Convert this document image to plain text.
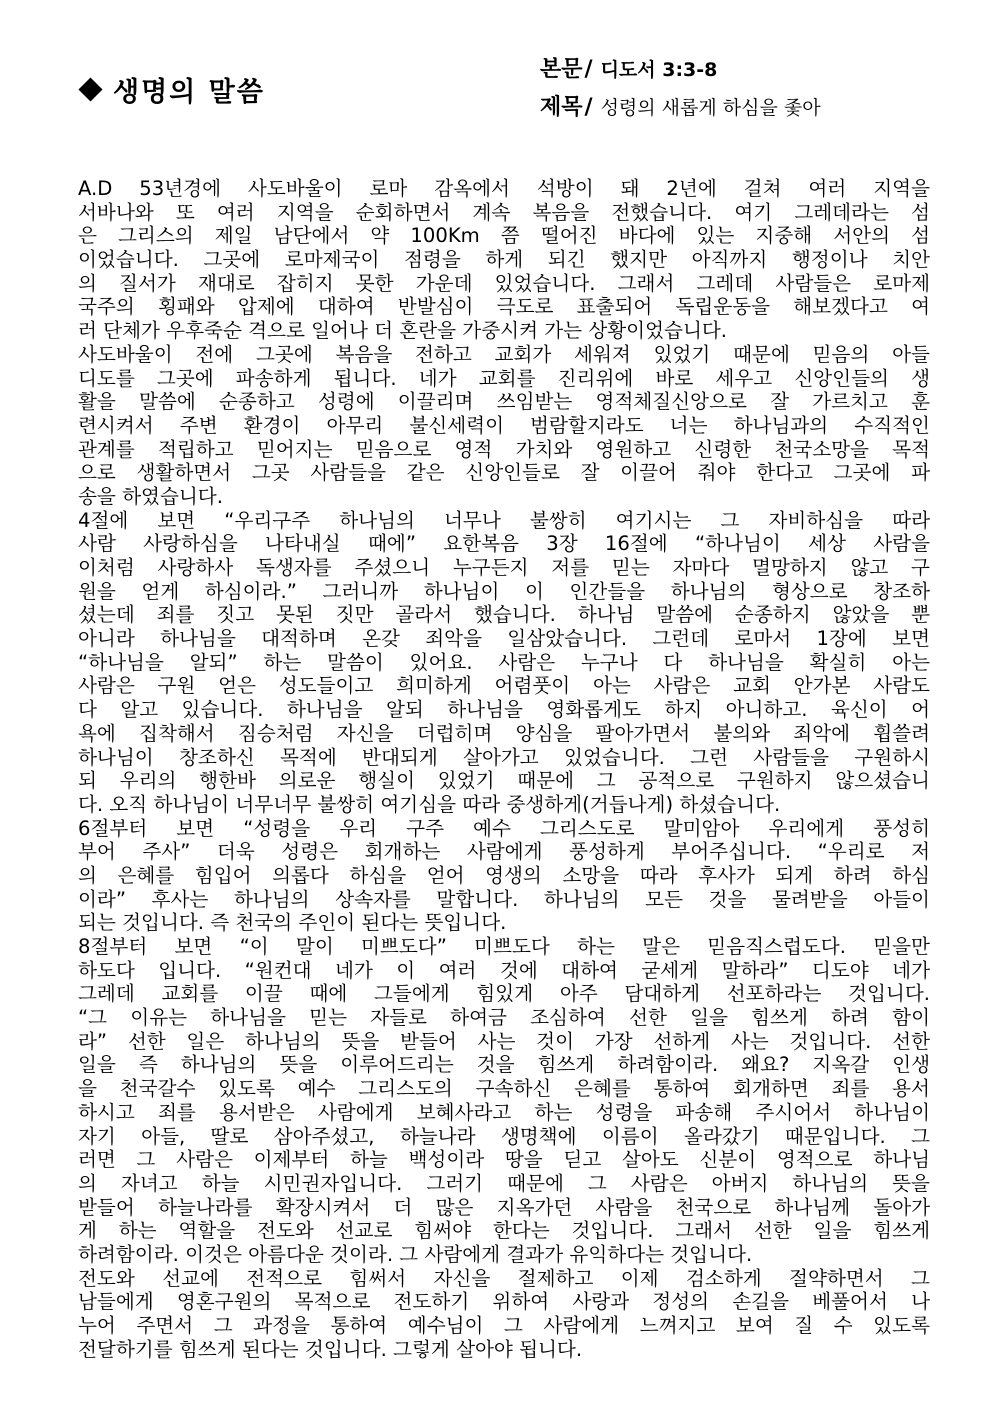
생명의 말씀
본문 / 디도서 3:3-8
제목 / 성령의 새롭게 하심을 좇아
A.D 53년경에 사도바울이 로마 감옥에서 석방이 돼 2년에 걸쳐 여러 지역을
서바나와 또 여러 지역을 순회하면서 계속 복음을 전했습니다. 여기 그레데라는 섬
은 그리스의 제일 남단에서 약 100Km 쯤 떨어진 바다에 있는 지중해 서안의 섬
이었습니다. 그곳에 로마제국이 점령을 하게 되긴 했지만 아직까지 행정이나 치안
의 질서가 재대로 잡히지 못한 가운데 있었습니다. 그래서 그레데 사람들은 로마제
국주의 횡패와 압제에 대하여 반발심이 극도로 표출되어 독립운동을 해보겠다고 여
러 단체가 우후죽순 격으로 일어나 더 혼란을 가중시켜 가는 상황이었습니다.
사도바울이 전에 그곳에 복음을 전하고 교회가 세워져 있었기 때문에 믿음의 아들
디도를 그곳에 파송하게 됩니다. 네가 교회를 진리위에 바로 세우고 신앙인들의 생
활을 말씀에 순종하고 성령에 이끌리며 쓰임받는 영적체질신앙으로 잘 가르치고 훈
련시켜서 주변 환경이 아무리 불신세력이 범람할지라도 너는 하나님과의 수직적인
관계를 적립하고 믿어지는 믿음으로 영적 가치와 영원하고 신령한 천국소망을 목적
으로 생활하면서 그곳 사람들을 같은 신앙인들로 잘 이끌어 줘야 한다고 그곳에 파
송을 하였습니다.
4절에 보면 “우리구주 하나님의 너무나 불쌍히 여기시는 그 자비하심을 따라
사람 사랑하심을 나타내실 때에” 요한복음 3장 16절에 “하나님이 세상 사람을
이처럼 사랑하사 독생자를 주셨으니 누구든지 저를 믿는 자마다 멸망하지 않고 구
원을 얻게 하심이라.” 그러니까 하나님이 이 인간들을 하나님의 형상으로 창조하
셨는데 죄를 짓고 못된 짓만 골라서 했습니다. 하나님 말씀에 순종하지 않았을 뿐
아니라 하나님을 대적하며 온갖 죄악을 일삼았습니다. 그런데 로마서 1장에 보면
“하나님을 알되” 하는 말씀이 있어요. 사람은 누구나 다 하나님을 확실히 아는
사람은 구원 얻은 성도들이고 희미하게 어렴풋이 아는 사람은 교회 안가본 사람도
다 알고 있습니다. 하나님을 알되 하나님을 영화롭게도 하지 아니하고. 육신이 어
욕에 집착해서 짐승처럼 자신을 더럽히며 양심을 팔아가면서 불의와 죄악에 휩쓸려
하나님이 창조하신 목적에 반대되게 살아가고 있었습니다. 그런 사람들을 구원하시
되 우리의 행한바 의로운 행실이 있었기 때문에 그 공적으로 구원하지 않으셨습니
다. 오직 하나님이 너무너무 불쌍히 여기심을 따라 중생하게(거듭나게) 하셨습니다.
6절부터 보면 “성령을 우리 구주 예수 그리스도로 말미암아 우리에게 풍성히
부어 주사” 더욱 성령은 회개하는 사람에게 풍성하게 부어주십니다. “우리로 저
의 은혜를 힘입어 의롭다 하심을 얻어 영생의 소망을 따라 후사가 되게 하려 하심
이라” 후사는 하나님의 상속자를 말합니다. 하나님의 모든 것을 물려받을 아들이
되는 것입니다. 즉 천국의 주인이 된다는 뜻입니다.
8절부터 보면 “이 말이 미쁘도다” 미쁘도다 하는 말은 믿음직스럽도다. 믿을만
하도다 입니다. “원컨대 네가 이 여러 것에 대하여 굳세게 말하라” 디도야 네가
그레데 교회를 이끌 때에 그들에게 힘있게 아주 담대하게 선포하라는 것입니다.
“그 이유는 하나님을 믿는 자들로 하여금 조심하여 선한 일을 힘쓰게 하려 함이
라” 선한 일은 하나님의 뜻을 받들어 사는 것이 가장 선하게 사는 것입니다. 선한
일을 즉 하나님의 뜻을 이루어드리는 것을 힘쓰게 하려함이라. 왜요? 지옥갈 인생
을 천국갈수 있도록 예수 그리스도의 구속하신 은혜를 통하여 회개하면 죄를 용서
하시고 죄를 용서받은 사람에게 보혜사라고 하는 성령을 파송해 주시어서 하나님이
자기 아들, 딸로 삼아주셨고, 하늘나라 생명책에 이름이 올라갔기 때문입니다. 그
러면 그 사람은 이제부터 하늘 백성이라 땅을 딛고 살아도 신분이 영적으로 하나님
의 자녀고 하늘 시민권자입니다. 그러기 때문에 그 사람은 아버지 하나님의 뜻을
받들어 하늘나라를 확장시켜서 더 많은 지옥가던 사람을 천국으로 하나님께 돌아가
게 하는 역할을 전도와 선교로 힘써야 한다는 것입니다. 그래서 선한 일을 힘쓰게
하려함이라. 이것은 아름다운 것이라. 그 사람에게 결과가 유익하다는 것입니다.
전도와 선교에 전적으로 힘써서 자신을 절제하고 이제 검소하게 절약하면서 그
남들에게 영혼구원의 목적으로 전도하기 위하여 사랑과 정성의 손길을 베풀어서 나
누어 주면서 그 과정을 통하여 예수님이 그 사람에게 느껴지고 보여 질 수 있도록
전달하기를 힘쓰게 된다는 것입니다. 그렇게 살아야 됩니다.
